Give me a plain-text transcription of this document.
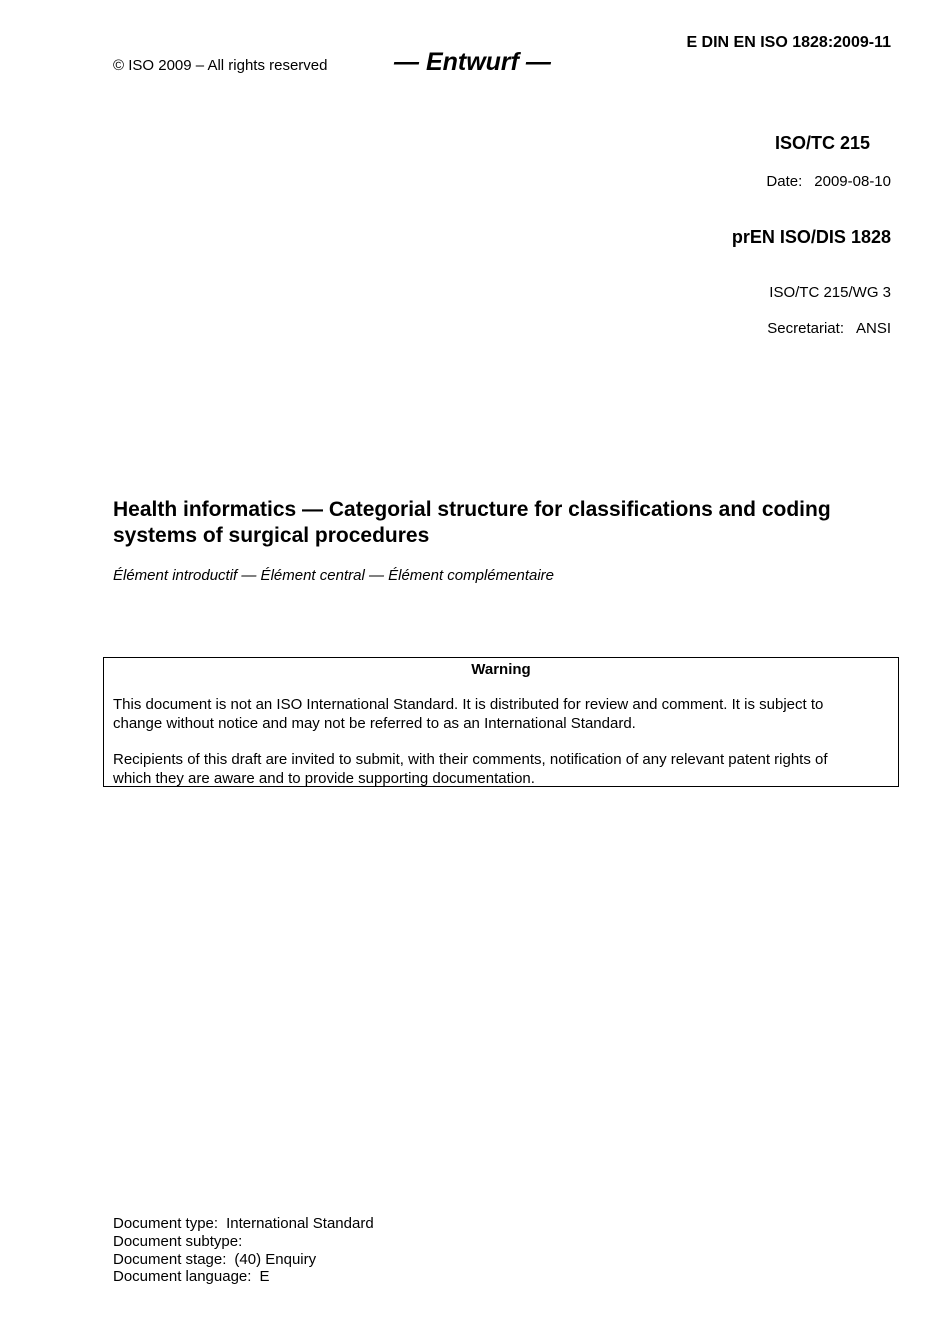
E DIN EN ISO 1828:2009-11
© ISO 2009 – All rights reserved	— Entwurf —
ISO/TC 215
Date: 2009-08-10
prEN ISO/DIS 1828
ISO/TC 215/WG 3
Secretariat: ANSI
Health informatics — Categorial structure for classifications and coding
systems of surgical procedures
Élément introductif — Élément central — Élément complémentaire
Warning
This document is not an ISO International Standard. It is distributed for review and comment. It is subject to
change without notice and may not be referred to as an International Standard.
Recipients of this draft are invited to submit, with their comments, notification of any relevant patent rights of
which they are aware and to provide supporting documentation.
Document type: International Standard
Document subtype:
Document stage: (40) Enquiry
Document language: E
